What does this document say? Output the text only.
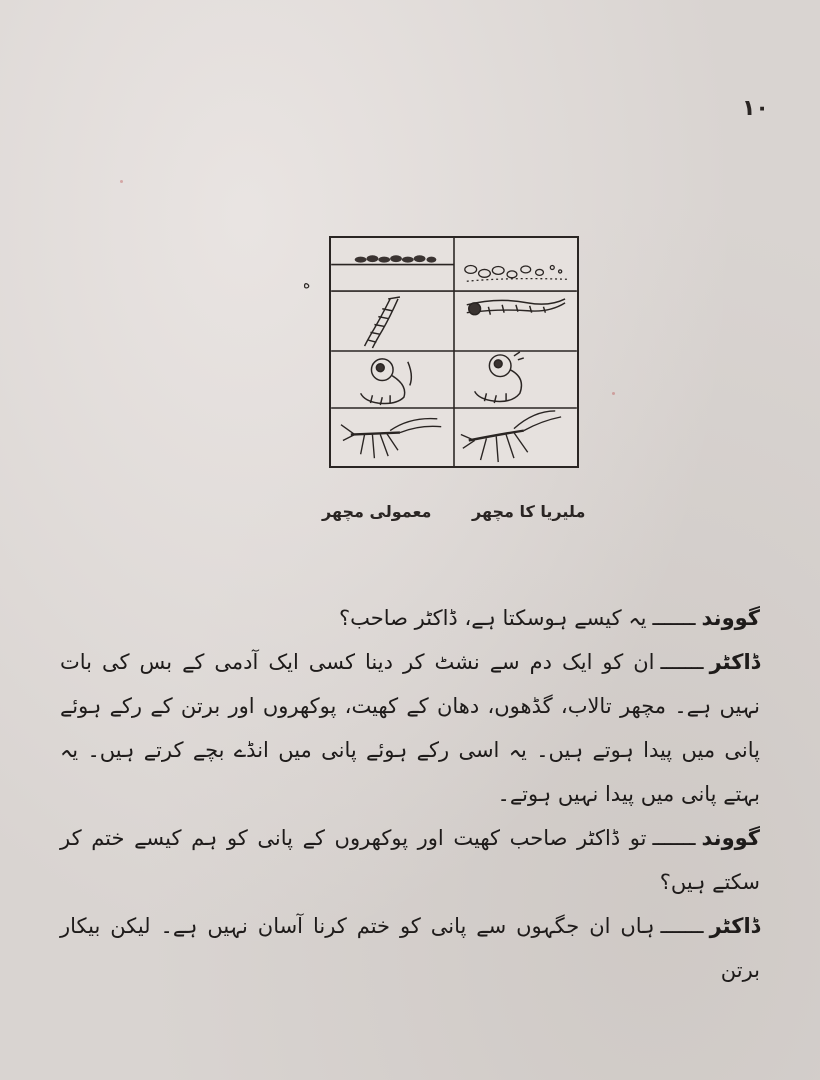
۱۰
ﻩ
ملیریا کا مچھر
معمولی مچھر

گووندـــــــیہ کیسے ہوسکتا ہے، ڈاکٹر صاحب؟

ڈاکٹرـــــــان کو ایک دم سے نشٹ کر دینا کسی ایک آدمی کے بس کی بات نہیں ہے۔ مچھر تالاب، گڈھوں، دھان کے کھیت، پوکھروں اور برتن کے رکے ہوئے پانی میں پیدا ہوتے ہیں۔ یہ اسی رکے ہوئے پانی میں انڈے بچے کرتے ہیں۔ یہ بہتے پانی میں پیدا نہیں ہوتے۔

گووندـــــــتو ڈاکٹر صاحب کھیت اور پوکھروں کے پانی کو ہم کیسے ختم کر سکتے ہیں؟

ڈاکٹرـــــــہاں ان جگہوں سے پانی کو ختم کرنا آسان نہیں ہے۔ لیکن بیکار برتن
